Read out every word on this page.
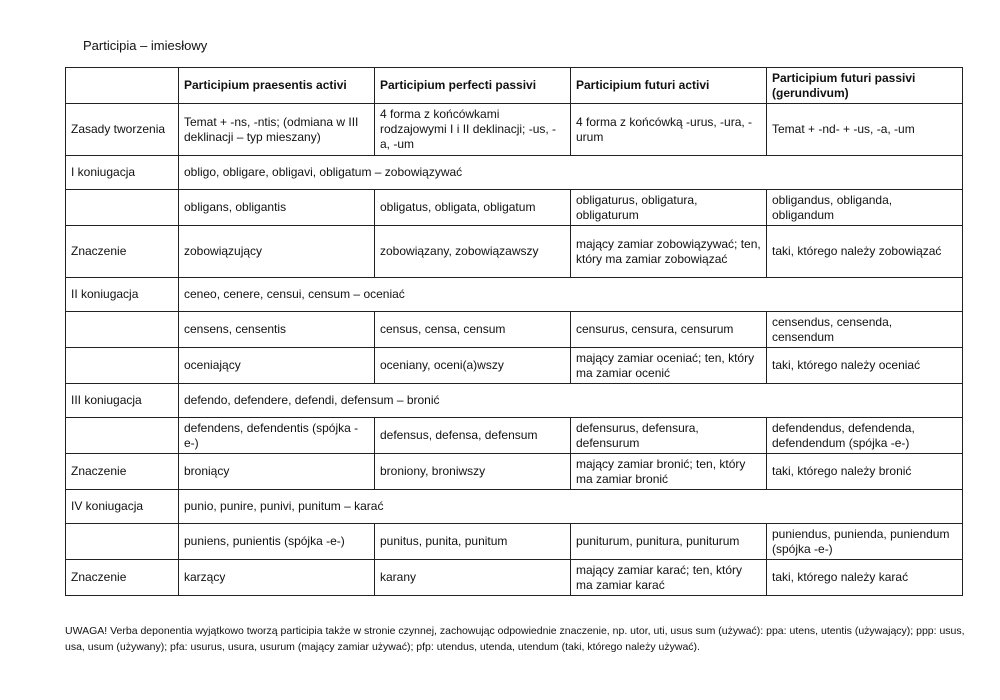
Participia – imiesłowy
	Participium praesentis activi	Participium perfecti passivi	Participium futuri activi	Participium futuri passivi (gerundivum)
Zasady tworzenia	Temat + -ns, -ntis; (odmiana w III deklinacji – typ mieszany)	4 forma z końcówkami rodzajowymi I i II deklinacji; -us, -a, -um	4 forma z końcówką -urus, -ura, -urum	Temat + -nd- + -us, -a, -um
I koniugacja	obligo, obligare, obligavi, obligatum – zobowiązywać			
	obligans, obligantis	obligatus, obligata, obligatum	obligaturus, obligatura, obligaturum	obligandus, obliganda, obligandum
Znaczenie	zobowiązujący	zobowiązany, zobowiązawszy	mający zamiar zobowiązywać; ten, który ma zamiar zobowiązać	taki, którego należy zobowiązać
II koniugacja	ceneo, cenere, censui, censum – oceniać			
	censens, censentis	census, censa, censum	censurus, censura, censurum	censendus, censenda, censendum
	oceniający	oceniany, oceni(a)wszy	mający zamiar oceniać; ten, który ma zamiar ocenić	taki, którego należy oceniać
III koniugacja	defendo, defendere, defendi, defensum – bronić			
	defendens, defendentis (spójka -e-)	defensus, defensa, defensum	defensurus, defensura, defensurum	defendendus, defendenda, defendendum (spójka -e-)
Znaczenie	broniący	broniony, broniwszy	mający zamiar bronić; ten, który ma zamiar bronić	taki, którego należy bronić
IV koniugacja	punio, punire, punivi, punitum – karać			
	puniens, punientis (spójka -e-)	punitus, punita, punitum	puniturum, punitura, puniturum	puniendus, punienda, puniendum (spójka -e-)
Znaczenie	karzący	karany	mający zamiar karać; ten, który ma zamiar karać	taki, którego należy karać
UWAGA! Verba deponentia wyjątkowo tworzą participia także w stronie czynnej, zachowując odpowiednie znaczenie, np. utor, uti, usus sum (używać): ppa: utens, utentis (używający); ppp: usus, usa, usum (używany); pfa: usurus, usura, usurum (mający zamiar używać); pfp: utendus, utenda, utendum (taki, którego należy używać).
